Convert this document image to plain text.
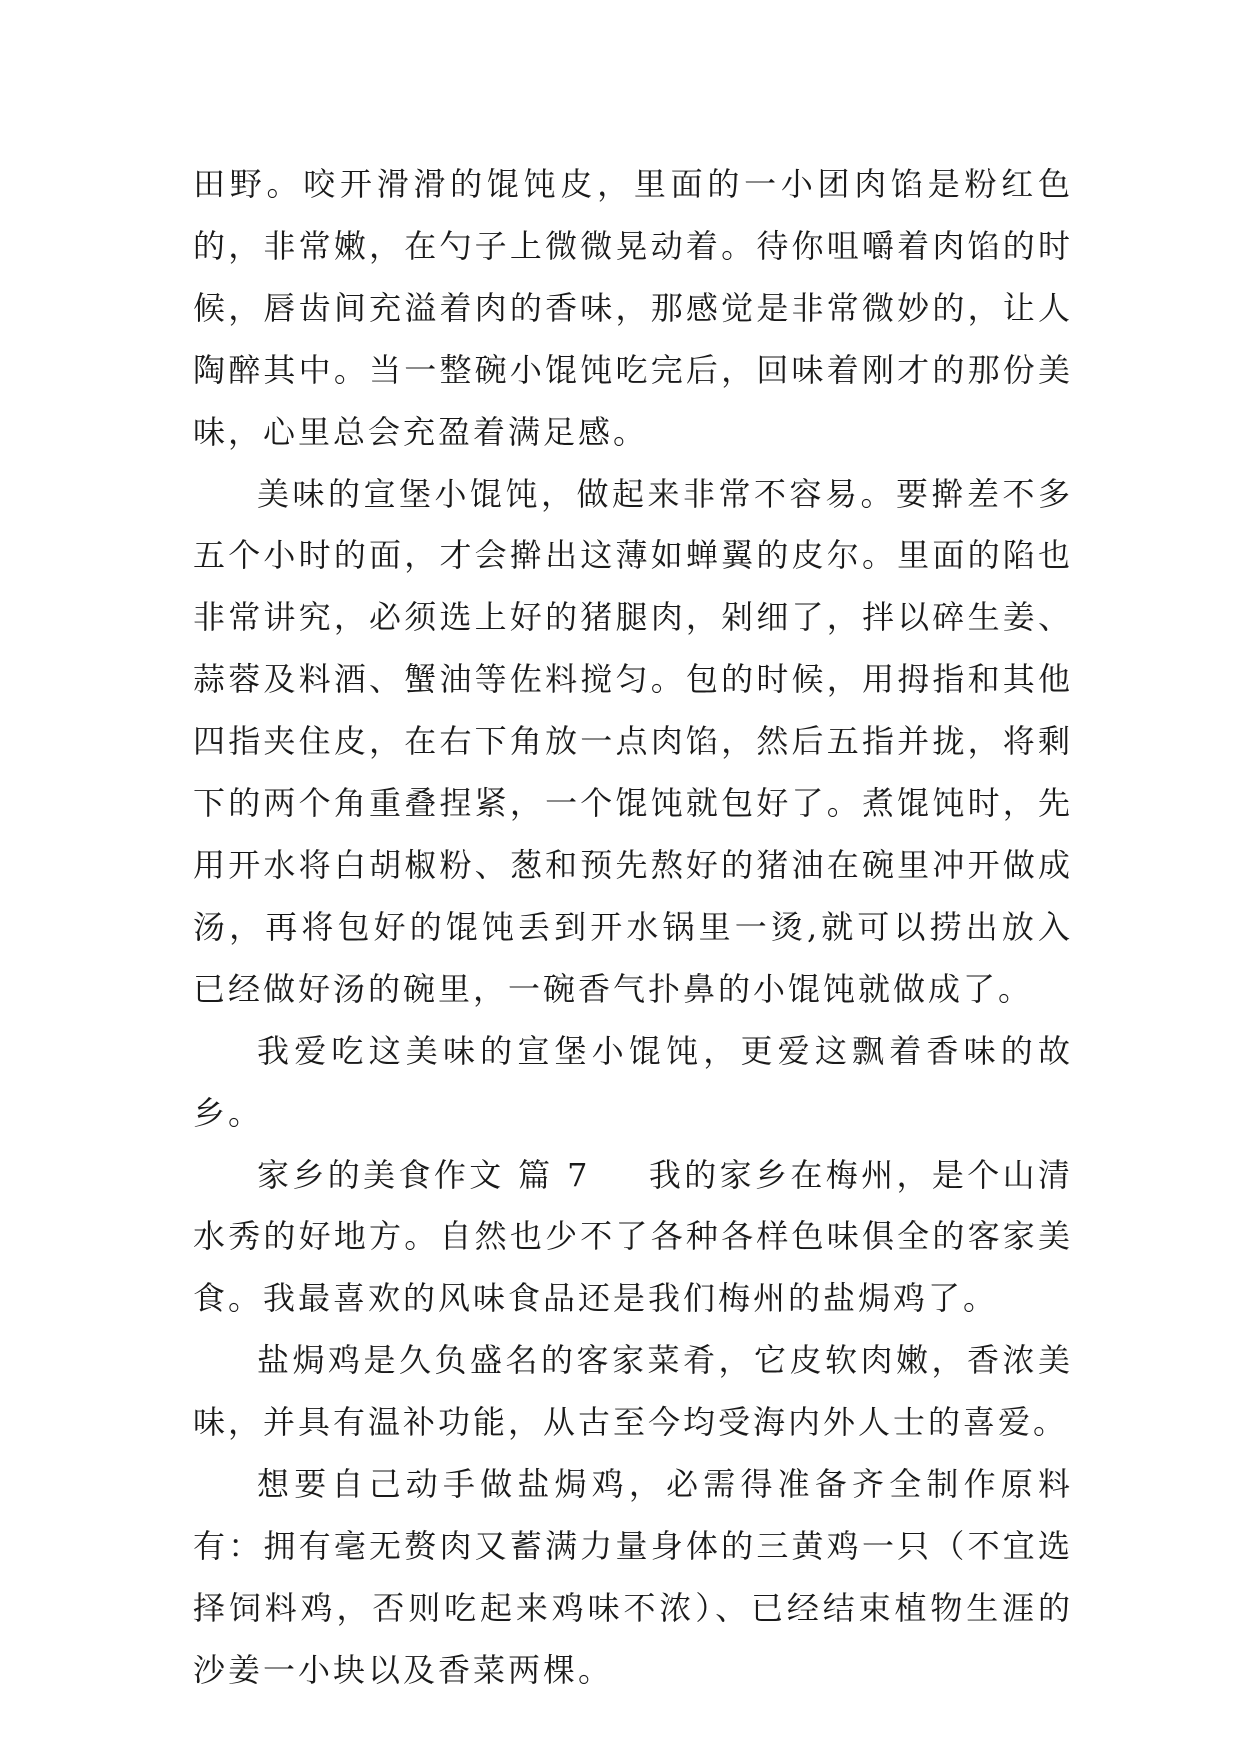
田野。咬开滑滑的馄饨皮，里面的一小团肉馅是粉红色的，非常嫩，在勺子上微微晃动着。待你咀嚼着肉馅的时候，唇齿间充溢着肉的香味，那感觉是非常微妙的，让人陶醉其中。当一整碗小馄饨吃完后，回味着刚才的那份美味，心里总会充盈着满足感。

美味的宣堡小馄饨，做起来非常不容易。要擀差不多五个小时的面，才会擀出这薄如蝉翼的皮尔。里面的陷也非常讲究，必须选上好的猪腿肉，剁细了，拌以碎生姜、蒜蓉及料酒、蟹油等佐料搅匀。包的时候，用拇指和其他四指夹住皮，在右下角放一点肉馅，然后五指并拢，将剩下的两个角重叠捏紧，一个馄饨就包好了。煮馄饨时，先用开水将白胡椒粉、葱和预先熬好的猪油在碗里冲开做成汤，再将包好的馄饨丢到开水锅里一烫,就可以捞出放入已经做好汤的碗里，一碗香气扑鼻的小馄饨就做成了。

我爱吃这美味的宣堡小馄饨，更爱这飘着香味的故乡。

家乡的美食作文 篇 7 我的家乡在梅州，是个山清水秀的好地方。自然也少不了各种各样色味俱全的客家美食。我最喜欢的风味食品还是我们梅州的盐焗鸡了。

盐焗鸡是久负盛名的客家菜肴，它皮软肉嫩，香浓美味，并具有温补功能，从古至今均受海内外人士的喜爱。

想要自己动手做盐焗鸡，必需得准备齐全制作原料有：拥有毫无赘肉又蓄满力量身体的三黄鸡一只（不宜选择饲料鸡，否则吃起来鸡味不浓）、已经结束植物生涯的沙姜一小块以及香菜两棵。
